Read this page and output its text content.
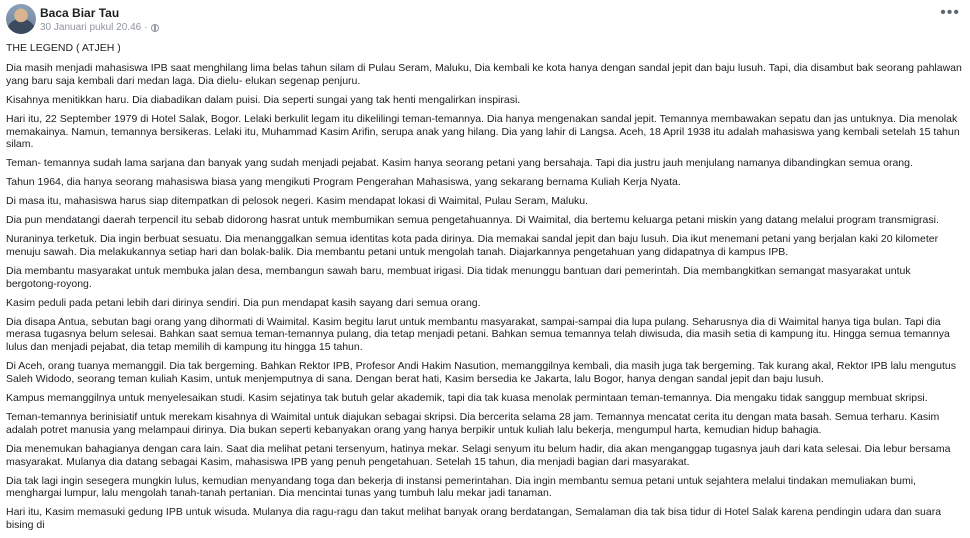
Baca Biar Tau
30 Januari pukul 20.46 ·
•••

THE LEGEND ( ATJEH )

Dia masih menjadi mahasiswa IPB saat menghilang lima belas tahun silam di Pulau Seram, Maluku, Dia kembali ke kota hanya dengan sandal jepit dan baju lusuh. Tapi, dia disambut bak seorang pahlawan yang baru saja kembali dari medan laga. Dia dielu- elukan segenap penjuru.

Kisahnya menitikkan haru. Dia diabadikan dalam puisi. Dia seperti sungai yang tak henti mengalirkan inspirasi.

Hari itu, 22 September 1979 di Hotel Salak, Bogor. Lelaki berkulit legam itu dikelilingi teman-temannya. Dia hanya mengenakan sandal jepit. Temannya membawakan sepatu dan jas untuknya. Dia menolak memakainya. Namun, temannya bersikeras. Lelaki itu, Muhammad Kasim Arifin, serupa anak yang hilang. Dia yang lahir di Langsa. Aceh, 18 April 1938 itu adalah mahasiswa yang kembali setelah 15 tahun silam.

Teman- temannya sudah lama sarjana dan banyak yang sudah menjadi pejabat. Kasim hanya seorang petani yang bersahaja. Tapi dia justru jauh menjulang namanya dibandingkan semua orang.

Tahun 1964, dia hanya seorang mahasiswa biasa yang mengikuti Program Pengerahan Mahasiswa, yang sekarang bernama Kuliah Kerja Nyata.

Di masa itu, mahasiswa harus siap ditempatkan di pelosok negeri. Kasim mendapat lokasi di Waimital, Pulau Seram, Maluku.

Dia pun mendatangi daerah terpencil itu sebab didorong hasrat untuk membumikan semua pengetahuannya. Di Waimital, dia bertemu keluarga petani miskin yang datang melalui program transmigrasi.

Nuraninya terketuk. Dia ingin berbuat sesuatu. Dia menanggalkan semua identitas kota pada dirinya. Dia memakai sandal jepit dan baju lusuh. Dia ikut menemani petani yang berjalan kaki 20 kilometer menuju sawah. Dia melakukannya setiap hari dan bolak-balik. Dia membantu petani untuk mengolah tanah. Diajarkannya pengetahuan yang didapatnya di kampus IPB.

Dia membantu masyarakat untuk membuka jalan desa, membangun sawah baru, membuat irigasi. Dia tidak menunggu bantuan dari pemerintah. Dia membangkitkan semangat masyarakat untuk bergotong-royong.

Kasim peduli pada petani lebih dari dirinya sendiri. Dia pun mendapat kasih sayang dari semua orang.

Dia disapa Antua, sebutan bagi orang yang dihormati di Waimital. Kasim begitu larut untuk membantu masyarakat, sampai-sampai dia lupa pulang. Seharusnya dia di Waimital hanya tiga bulan. Tapi dia merasa tugasnya belum selesai. Bahkan saat semua teman-temannya pulang, dia tetap menjadi petani. Bahkan semua temannya telah diwisuda, dia masih setia di kampung itu. Hingga semua temannya lulus dan menjadi pejabat, dia tetap memilih di kampung itu hingga 15 tahun.

Di Aceh, orang tuanya memanggil. Dia tak bergeming. Bahkan Rektor IPB, Profesor Andi Hakim Nasution, memanggilnya kembali, dia masih juga tak bergeming. Tak kurang akal, Rektor IPB lalu mengutus Saleh Widodo, seorang teman kuliah Kasim, untuk menjemputnya di sana. Dengan berat hati, Kasim bersedia ke Jakarta, lalu Bogor, hanya dengan sandal jepit dan baju lusuh.

Kampus memanggilnya untuk menyelesaikan studi. Kasim sejatinya tak butuh gelar akademik, tapi dia tak kuasa menolak permintaan teman-temannya. Dia mengaku tidak sanggup membuat skripsi.

Teman-temannya berinisiatif untuk merekam kisahnya di Waimital untuk diajukan sebagai skripsi. Dia bercerita selama 28 jam. Temannya mencatat cerita itu dengan mata basah. Semua terharu. Kasim adalah potret manusia yang melampaui dirinya. Dia bukan seperti kebanyakan orang yang hanya berpikir untuk kuliah lalu bekerja, mengumpul harta, kemudian hidup bahagia.

Dia menemukan bahagianya dengan cara lain. Saat dia melihat petani tersenyum, hatinya mekar. Selagi senyum itu belum hadir, dia akan menganggap tugasnya jauh dari kata selesai. Dia lebur bersama masyarakat. Mulanya dia datang sebagai Kasim, mahasiswa IPB yang penuh pengetahuan. Setelah 15 tahun, dia menjadi bagian dari masyarakat.

Dia tak lagi ingin sesegera mungkin lulus, kemudian menyandang toga dan bekerja di instansi pemerintahan. Dia ingin membantu semua petani untuk sejahtera melalui tindakan memuliakan bumi, menghargai lumpur, lalu mengolah tanah-tanah pertanian. Dia mencintai tunas yang tumbuh lalu mekar jadi tanaman.

Hari itu, Kasim memasuki gedung IPB untuk wisuda. Mulanya dia ragu-ragu dan takut melihat banyak orang berdatangan, Semalaman dia tak bisa tidur di Hotel Salak karena pendingin udara dan suara bising di
